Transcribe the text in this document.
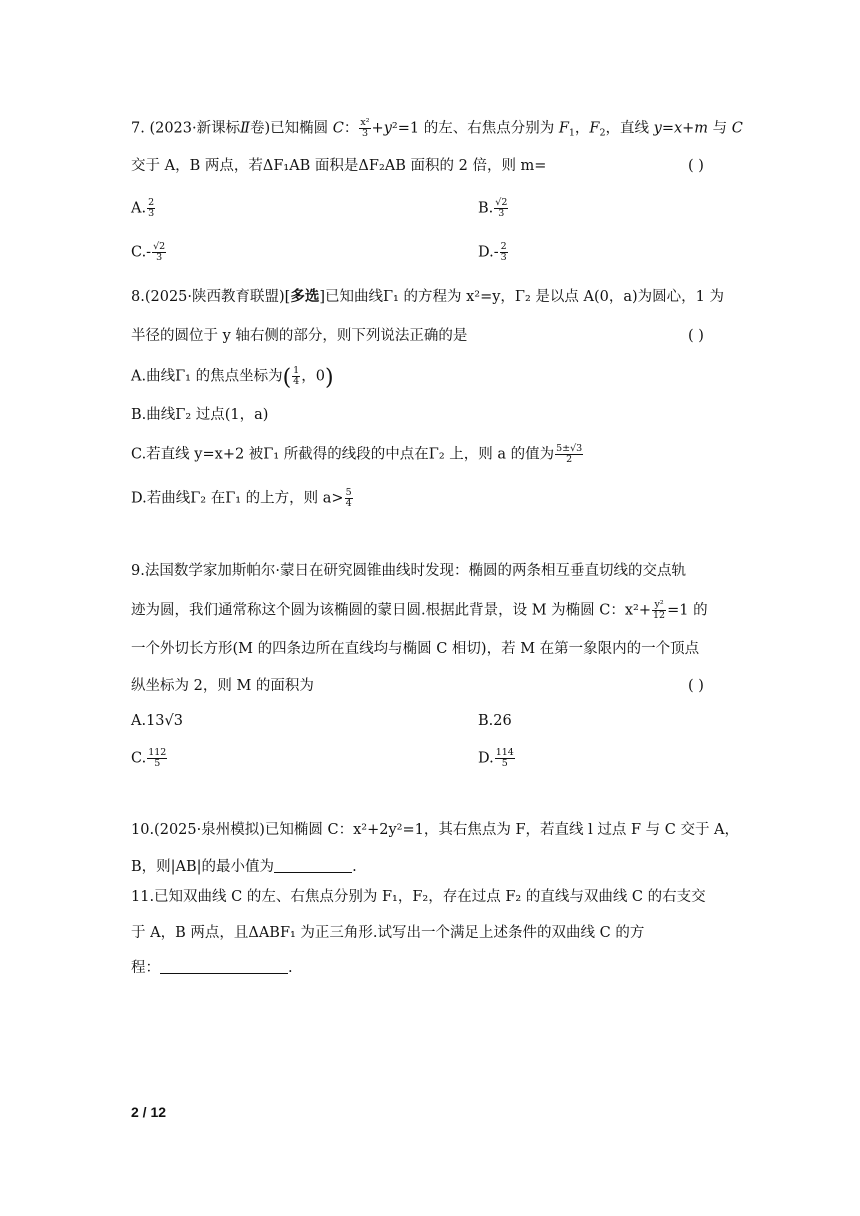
7. (2023·新课标Ⅱ卷)已知椭圆 C： $\frac{\text{x²}}{3} +y^2=1$ 的左、右焦点分别为 $F_1$，$F_2$，直线 y=x+m 与 C
交于 A，B 两点，若ΔF₁AB 面积是ΔF₂AB 面积的 2 倍，则 m=	( )
A. $\frac{2}{3}$	B. $\frac{√2}{3}$
$C.- \frac{√2}{3}$	$D.- \frac{2}{3}$
8.(2025·陕西教育联盟)[多选]已知曲线Γ₁ 的方程为 x²=y，Γ₂ 是以点 A(0，a)为圆心，1 为
半径的圆位于 y 轴右侧的部分，则下列说法正确的是	( )
A.曲线Γ₁ 的焦点坐标为( $\frac{1}{4}$ ，0)
B.曲线Γ₂ 过点(1，a)
C.若直线 y=x+2 被Γ₁ 所截得的线段的中点在Γ₂ 上，则 a 的值为 $\frac{5\pm√3}{2}$
D.若曲线Γ₂ 在Γ₁ 的上方，则 $a> \frac{5}{4}$
9.法国数学家加斯帕尔·蒙日在研究圆锥曲线时发现：椭圆的两条相互垂直切线的交点轨
迹为圆，我们通常称这个圆为该椭圆的蒙日圆.根据此背景，设 M 为椭圆 C：$x^2+ \frac{\text{y²}}{12} =1$ 的
一个外切长方形(M 的四条边所在直线均与椭圆 C 相切)，若 M 在第一象限内的一个顶点
纵坐标为 2，则 M 的面积为	( )
A.13√3	B.26
C. $\frac{112}{5}$	D. $\frac{114}{5}$
10.(2025·泉州模拟)已知椭圆 C：x²+2y²=1，其右焦点为 F，若直线 l 过点 F 与 C 交于 A，
B，则|AB|的最小值为	.
11.已知双曲线 C 的左、右焦点分别为 F₁，F₂，存在过点 F₂ 的直线与双曲线 C 的右支交
于 A，B 两点，且ΔABF₁ 为正三角形.试写出一个满足上述条件的双曲线 C 的方
程：	.
2 / 12
